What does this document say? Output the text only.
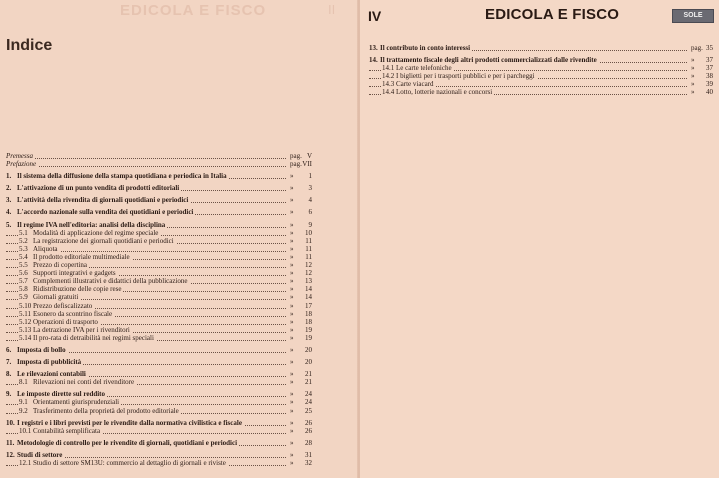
EDICOLA E FISCO	II
Indice
Premessa	pag. V
Prefazione	pag. VII
1. Il sistema della diffusione della stampa quotidiana e periodica in Italia	» 1
2. L'attivazione di un punto vendita di prodotti editoriali	» 3
3. L'attività della rivendita di giornali quotidiani e periodici	» 4
4. L'accordo nazionale sulla vendita dei quotidiani e periodici	» 6
5. Il regime IVA nell'editoria: analisi della disciplina	» 9
5.1 Modalità di applicazione del regime speciale	» 10
5.2 La registrazione dei giornali quotidiani e periodici	» 11
5.3 Aliquota	» 11
5.4 Il prodotto editoriale multimediale	» 11
5.5 Prezzo di copertina	» 12
5.6 Supporti integrativi e gadgets	» 12
5.7 Complementi illustrativi e didattici della pubblicazione	» 13
5.8 Ridistribuzione delle copie rese	» 14
5.9 Giornali gratuiti	» 14
5.10 Prezzo defiscalizzato	» 17
5.11 Esonero da scontrino fiscale	» 18
5.12 Operazioni di trasporto	» 18
5.13 La detrazione IVA per i rivenditori	» 19
5.14 Il pro-rata di detraibilità nei regimi speciali	» 19
6. Imposta di bollo	» 20
7. Imposta di pubblicità	» 20
8. Le rilevazioni contabili	» 21
8.1 Rilevazioni nei conti del rivenditore	» 21
9. Le imposte dirette sul reddito	» 24
9.1 Orientamenti giurisprudenziali	» 24
9.2 Trasferimento della proprietà del prodotto editoriale	» 25
10. I registri e i libri previsti per le rivendite dalla normativa civilistica e fiscale	» 26
10.1 Contabilità semplificata	» 26
11. Metodologie di controllo per le rivendite di giornali, quotidiani e periodici	» 28
12. Studi di settore	» 31
12.1 Studio di settore SM13U: commercio al dettaglio di giornali e riviste	» 32
IV	EDICOLA E FISCO	SOLE
13. Il contributo in conto interessi	pag. 35
14. Il trattamento fiscale degli altri prodotti commercializzati dalle rivendite	» 37
14.1 Le carte telefoniche	» 37
14.2 I biglietti per i trasporti pubblici e per i parcheggi	» 38
14.3 Carte viacard	» 39
14.4 Lotto, lotterie nazionali e concorsi	» 40
